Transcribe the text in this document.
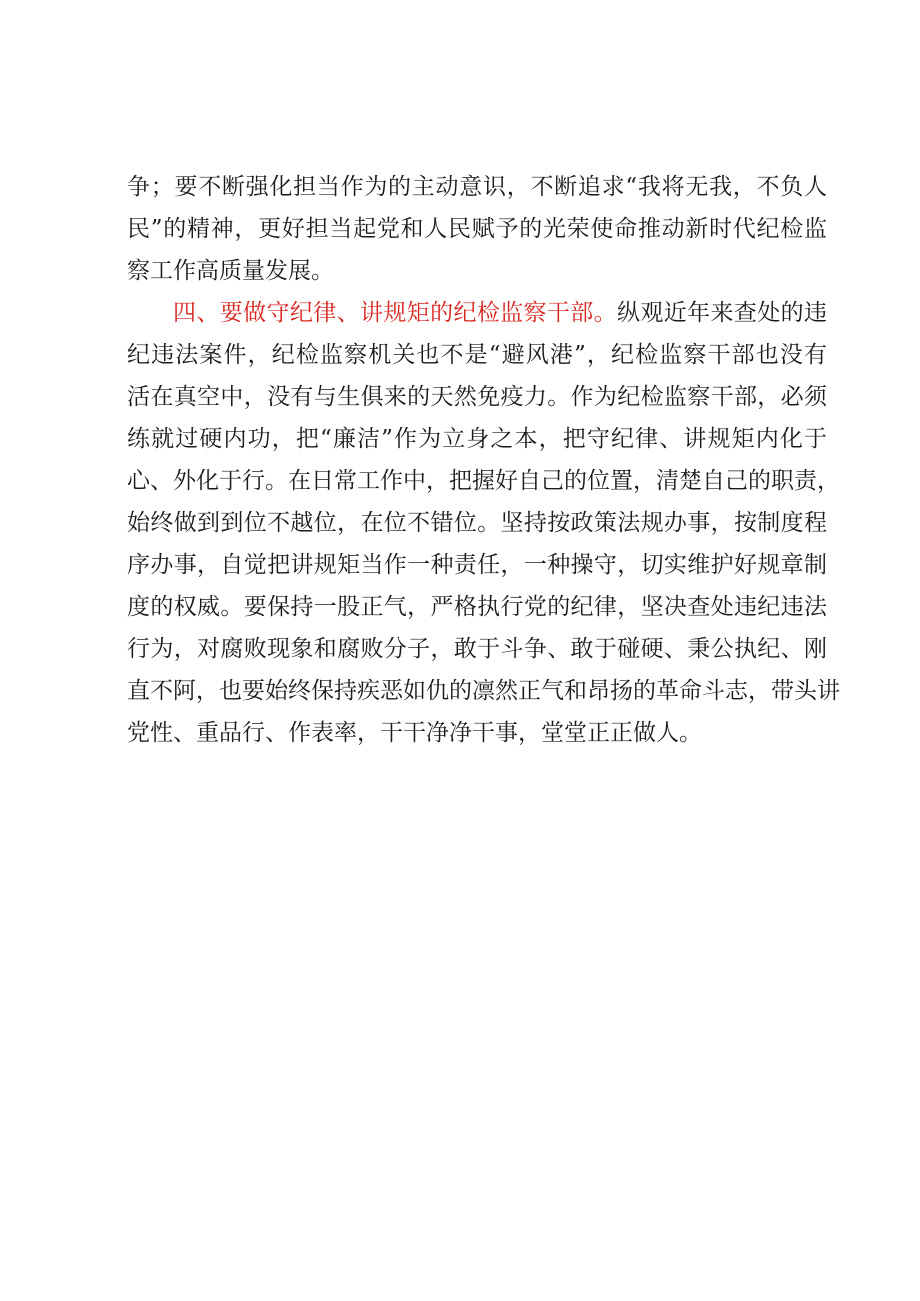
争；要不断强化担当作为的主动意识，不断追求“我将无我，不负人
民”的精神，更好担当起党和人民赋予的光荣使命推动新时代纪检监
察工作高质量发展。
四、要做守纪律、讲规矩的纪检监察干部。纵观近年来查处的违
纪违法案件，纪检监察机关也不是“避风港”，纪检监察干部也没有
活在真空中，没有与生俱来的天然免疫力。作为纪检监察干部，必须
练就过硬内功，把“廉洁”作为立身之本，把守纪律、讲规矩内化于
心、外化于行。在日常工作中，把握好自己的位置，清楚自己的职责，
始终做到到位不越位，在位不错位。坚持按政策法规办事，按制度程
序办事，自觉把讲规矩当作一种责任，一种操守，切实维护好规章制
度的权威。要保持一股正气，严格执行党的纪律，坚决查处违纪违法
行为，对腐败现象和腐败分子，敢于斗争、敢于碰硬、秉公执纪、刚
直不阿，也要始终保持疾恶如仇的凛然正气和昂扬的革命斗志，带头讲
党性、重品行、作表率，干干净净干事，堂堂正正做人。
